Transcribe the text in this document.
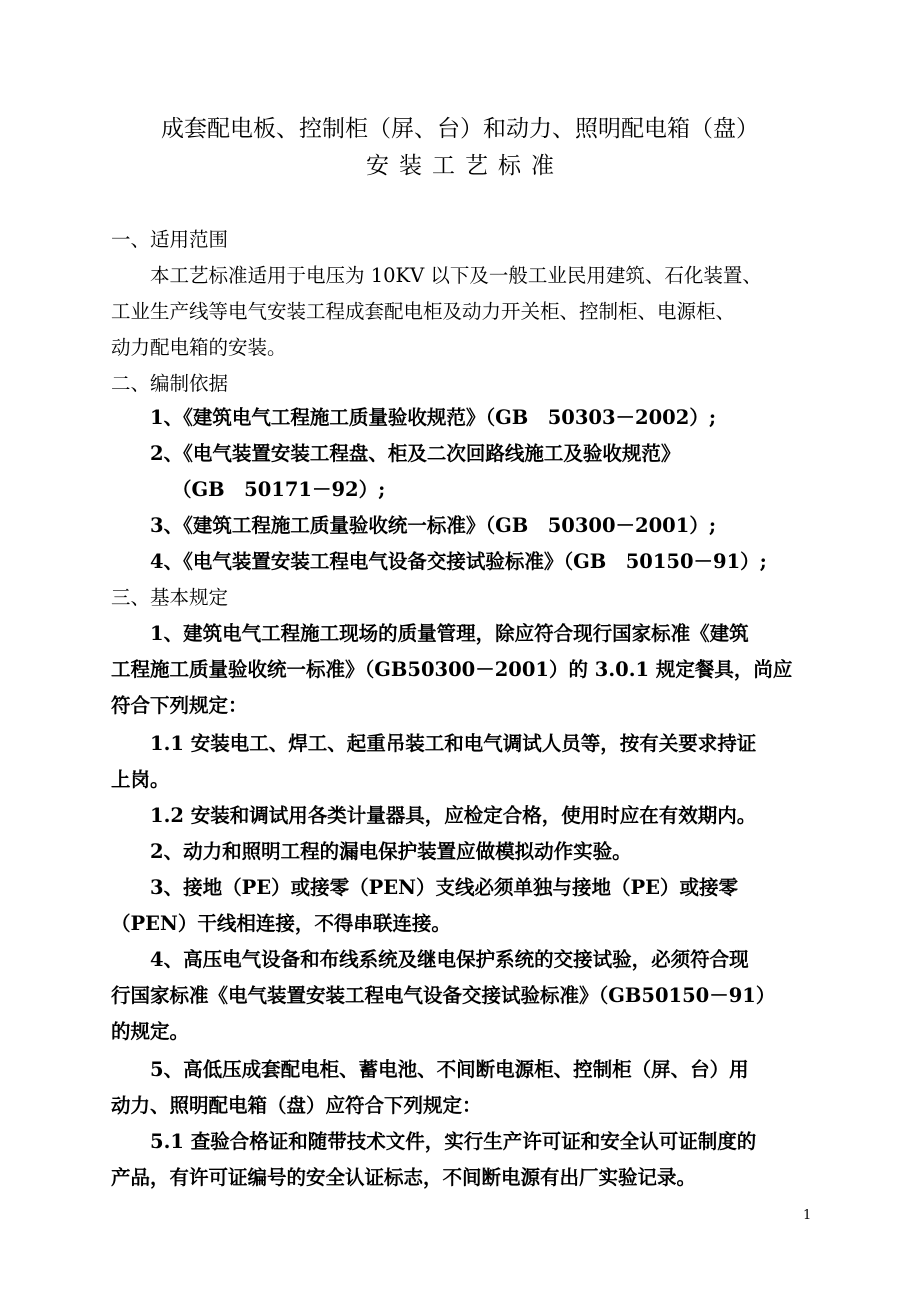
成套配电板、控制柜（屏、台）和动力、照明配电箱（盘）
安装工艺标准
一、适用范围
本工艺标准适用于电压为 10KV 以下及一般工业民用建筑、石化装置、
工业生产线等电气安装工程成套配电柜及动力开关柜、控制柜、电源柜、
动力配电箱的安装。
二、编制依据
1、《建筑电气工程施工质量验收规范》（GB　50303－2002）;
2、《电气装置安装工程盘、柜及二次回路线施工及验收规范》
（GB　50171－92）;
3、《建筑工程施工质量验收统一标准》（GB　50300－2001）;
4、《电气装置安装工程电气设备交接试验标准》（GB　50150－91）;
三、基本规定
1、建筑电气工程施工现场的质量管理，除应符合现行国家标准《建筑
工程施工质量验收统一标准》（GB50300－2001）的 3.0.1 规定餐具，尚应
符合下列规定：
1.1 安装电工、焊工、起重吊装工和电气调试人员等，按有关要求持证
上岗。
1.2 安装和调试用各类计量器具，应检定合格，使用时应在有效期内。
2、动力和照明工程的漏电保护装置应做模拟动作实验。
3、接地（PE）或接零（PEN）支线必须单独与接地（PE）或接零
（PEN）干线相连接，不得串联连接。
4、高压电气设备和布线系统及继电保护系统的交接试验，必须符合现
行国家标准《电气装置安装工程电气设备交接试验标准》（GB50150－91）
的规定。
5、高低压成套配电柜、蓄电池、不间断电源柜、控制柜（屏、台）用
动力、照明配电箱（盘）应符合下列规定：
5.1 查验合格证和随带技术文件，实行生产许可证和安全认可证制度的
产品，有许可证编号的安全认证标志，不间断电源有出厂实验记录。
1
